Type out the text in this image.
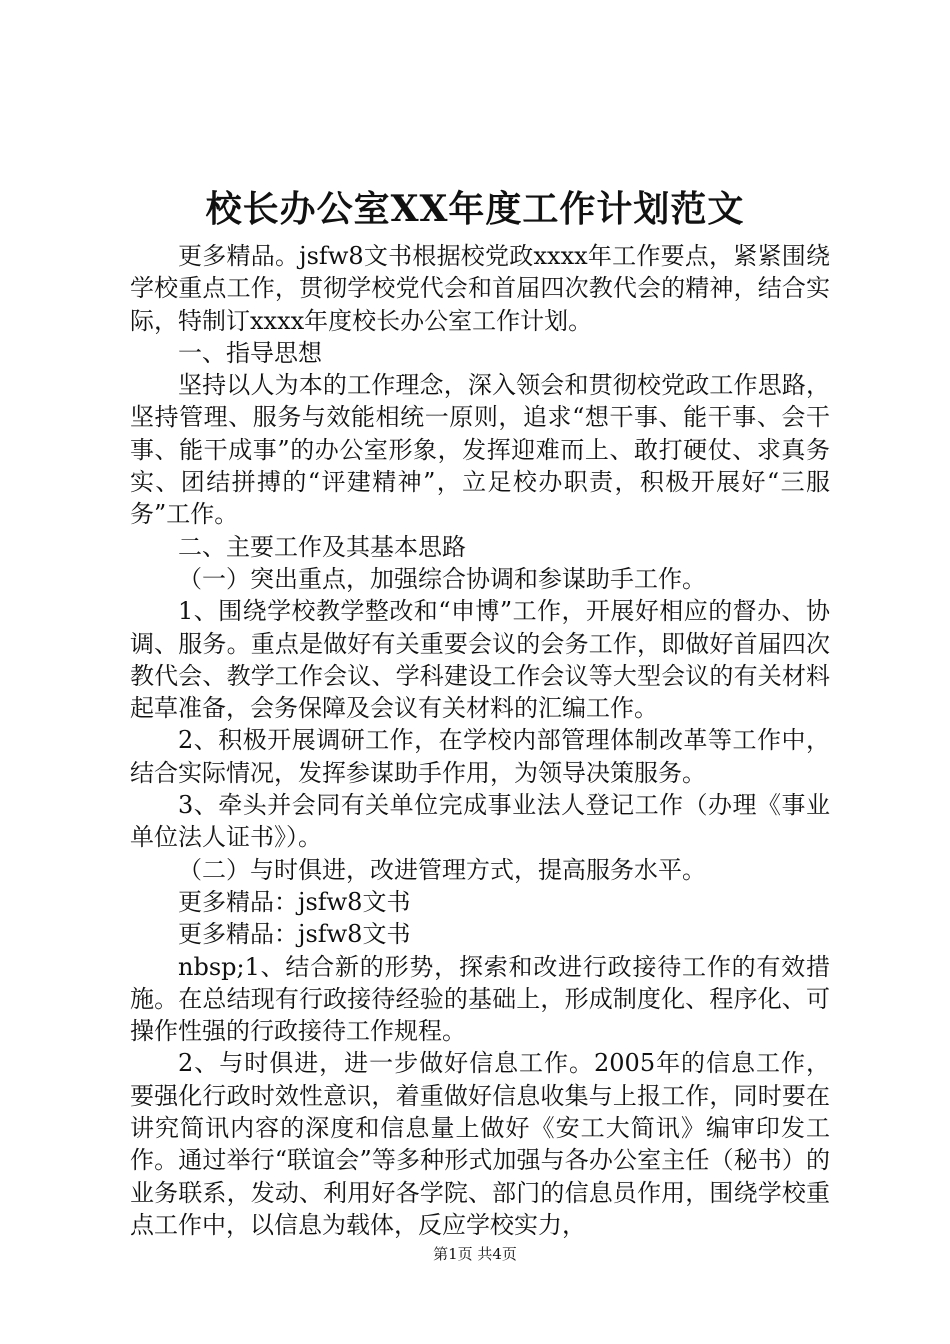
校长办公室XX年度工作计划范文

更多精品。jsfw8文书根据校党政xxxx年工作要点，紧紧围绕学校重点工作，贯彻学校党代会和首届四次教代会的精神，结合实际，特制订xxxx年度校长办公室工作计划。

一、指导思想

坚持以人为本的工作理念，深入领会和贯彻校党政工作思路，坚持管理、服务与效能相统一原则，追求“想干事、能干事、会干事、能干成事”的办公室形象，发挥迎难而上、敢打硬仗、求真务实、团结拼搏的“评建精神”，立足校办职责，积极开展好“三服务”工作。

二、主要工作及其基本思路

（一）突出重点，加强综合协调和参谋助手工作。

1、围绕学校教学整改和“申博”工作，开展好相应的督办、协调、服务。重点是做好有关重要会议的会务工作，即做好首届四次教代会、教学工作会议、学科建设工作会议等大型会议的有关材料起草准备，会务保障及会议有关材料的汇编工作。

2、积极开展调研工作，在学校内部管理体制改革等工作中，结合实际情况，发挥参谋助手作用，为领导决策服务。

3、牵头并会同有关单位完成事业法人登记工作（办理《事业单位法人证书》）。

（二）与时俱进，改进管理方式，提高服务水平。

更多精品：jsfw8文书

更多精品：jsfw8文书

nbsp;1、结合新的形势，探索和改进行政接待工作的有效措施。在总结现有行政接待经验的基础上，形成制度化、程序化、可操作性强的行政接待工作规程。

2、与时俱进，进一步做好信息工作。2005年的信息工作，要强化行政时效性意识，着重做好信息收集与上报工作，同时要在讲究简讯内容的深度和信息量上做好《安工大简讯》编审印发工作。通过举行“联谊会”等多种形式加强与各办公室主任（秘书）的业务联系，发动、利用好各学院、部门的信息员作用，围绕学校重点工作中，以信息为载体，反应学校实力，

第1页 共4页
